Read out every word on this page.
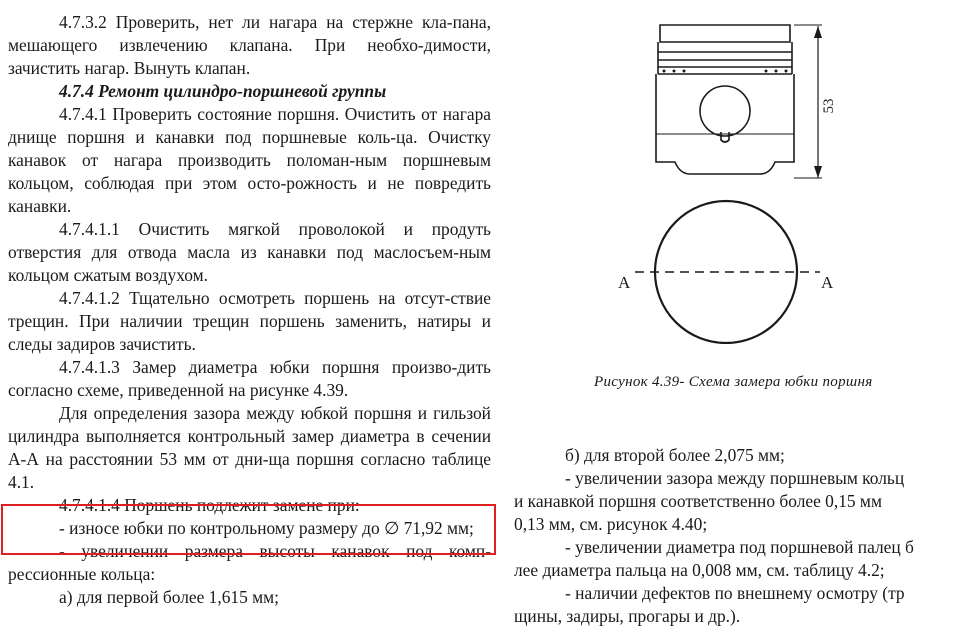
4.7.3.2 Проверить, нет ли нагара на стержне кла-пана, мешающего извлечению клапана. При необхо-димости, зачистить нагар. Вынуть клапан.

4.7.4 Ремонт цилиндро-поршневой группы

4.7.4.1 Проверить состояние поршня. Очистить от нагара днище поршня и канавки под поршневые коль-ца. Очистку канавок от нагара производить поломан-ным поршневым кольцом, соблюдая при этом осто-рожность и не повредить канавки.

4.7.4.1.1 Очистить мягкой проволокой и продуть отверстия для отвода масла из канавки под маслосъем-ным кольцом сжатым воздухом.

4.7.4.1.2 Тщательно осмотреть поршень на отсут-ствие трещин. При наличии трещин поршень заменить, натиры и следы задиров зачистить.

4.7.4.1.3 Замер диаметра юбки поршня произво-дить согласно схеме, приведенной на рисунке 4.39.

Для определения зазора между юбкой поршня и гильзой цилиндра выполняется контрольный замер диаметра в сечении А-А на расстоянии 53 мм от дни-ща поршня согласно таблице 4.1.

4.7.4.1.4 Поршень подлежит замене при:

- износе юбки по контрольному размеру до ∅ 71,92 мм;

- увеличении размера высоты канавок под комп-рессионные кольца:

а) для первой более 1,615 мм;

53
А	А
Рисунок 4.39- Схема замера юбки поршня

б) для второй более 2,075 мм;

- увеличении зазора между поршневым кольц

и канавкой поршня соответственно более 0,15 мм

0,13 мм, см. рисунок 4.40;

- увеличении диаметра под поршневой палец б

лее диаметра пальца на 0,008 мм, см. таблицу 4.2;

- наличии дефектов по внешнему осмотру (тр

щины, задиры, прогары и др.).
